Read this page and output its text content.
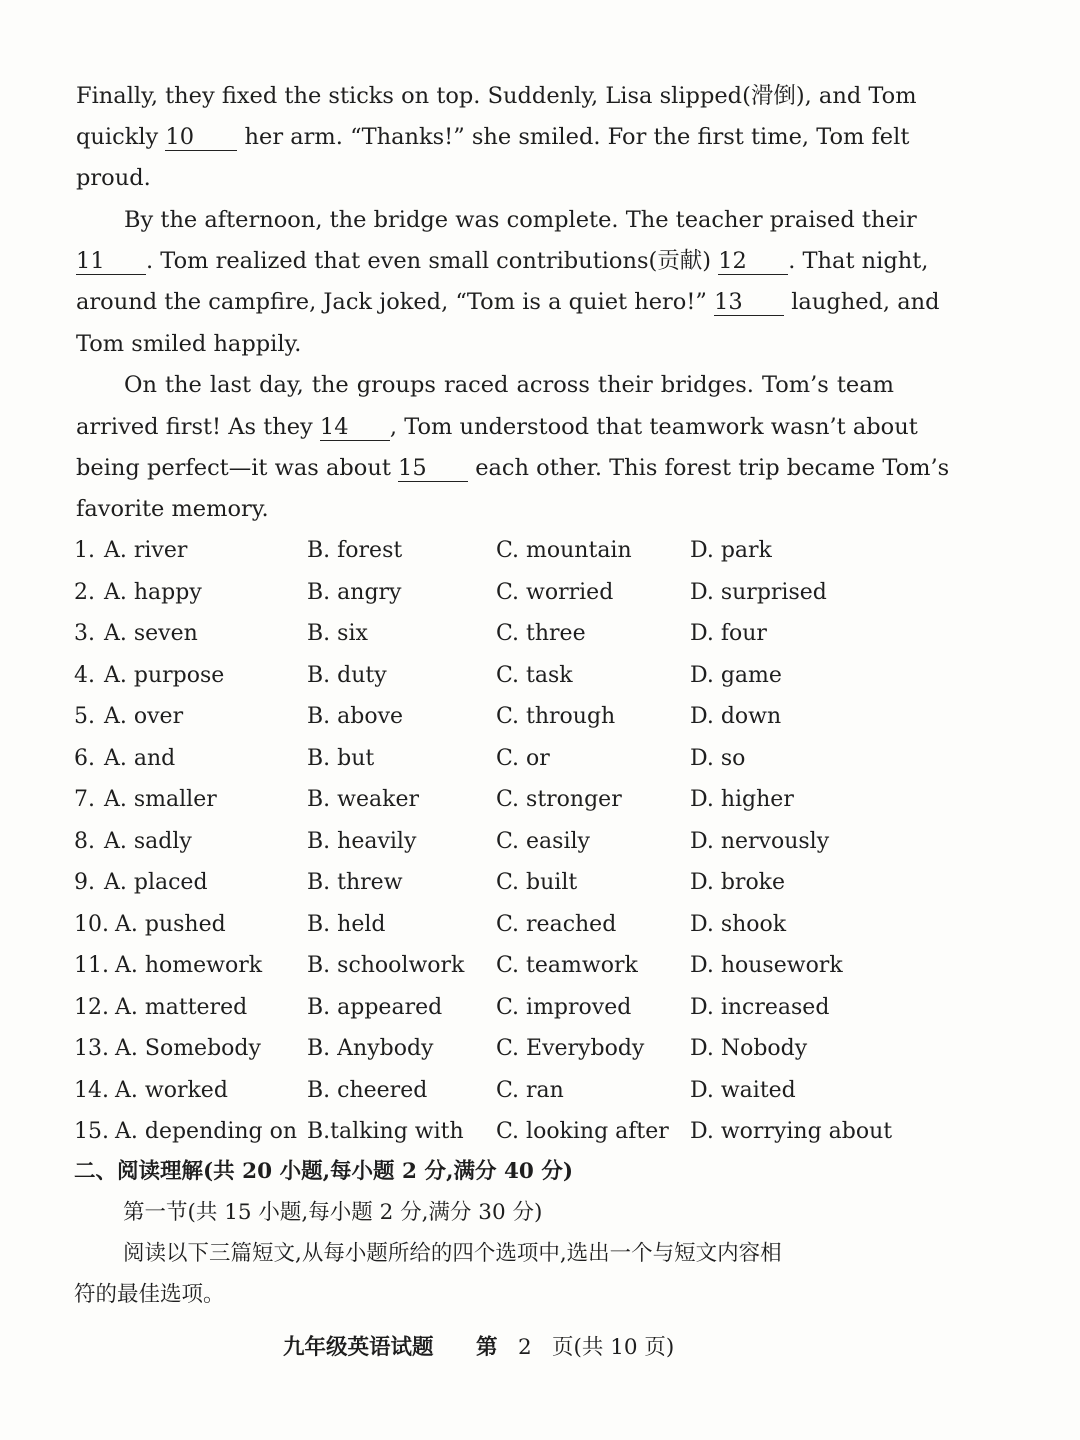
Finally, they fixed the sticks on top. Suddenly, Lisa slipped(滑倒), and Tom
quickly 10 her arm. “Thanks!” she smiled. For the first time, Tom felt
proud.
By the afternoon, the bridge was complete. The teacher praised their
11 . Tom realized that even small contributions(贡献) 12 . That night,
around the campfire, Jack joked, “Tom is a quiet hero!” 13 laughed, and
Tom smiled happily.
On the last day, the groups raced across their bridges. Tom’s team
arrived first! As they 14 , Tom understood that teamwork wasn’t about
being perfect—it was about 15 each other. This forest trip became Tom’s
favorite memory.
1. A. river	B. forest	C. mountain	D. park
2. A. happy	B. angry	C. worried	D. surprised
3. A. seven	B. six	C. three	D. four
4. A. purpose	B. duty	C. task	D. game
5. A. over	B. above	C. through	D. down
6. A. and	B. but	C. or	D. so
7. A. smaller	B. weaker	C. stronger	D. higher
8. A. sadly	B. heavily	C. easily	D. nervously
9. A. placed	B. threw	C. built	D. broke
10. A. pushed	B. held	C. reached	D. shook
11. A. homework B. schoolwork C. teamwork D. housework
12. A. mattered	B. appeared C. improved	D. increased
13. A. Somebody B. Anybody	C. Everybody D. Nobody
14. A. worked	B. cheered	C. ran	D. waited
15. A. depending on B.talking with C. looking after D. worrying about
二、阅读理解(共 20 小题,每小题 2 分,满分 40 分)
第一节(共 15 小题,每小题 2 分,满分 30 分)
阅读以下三篇短文,从每小题所给的四个选项中,选出一个与短文内容相
符的最佳选项。
九年级英语试题 第 2 页(共 10 页)
